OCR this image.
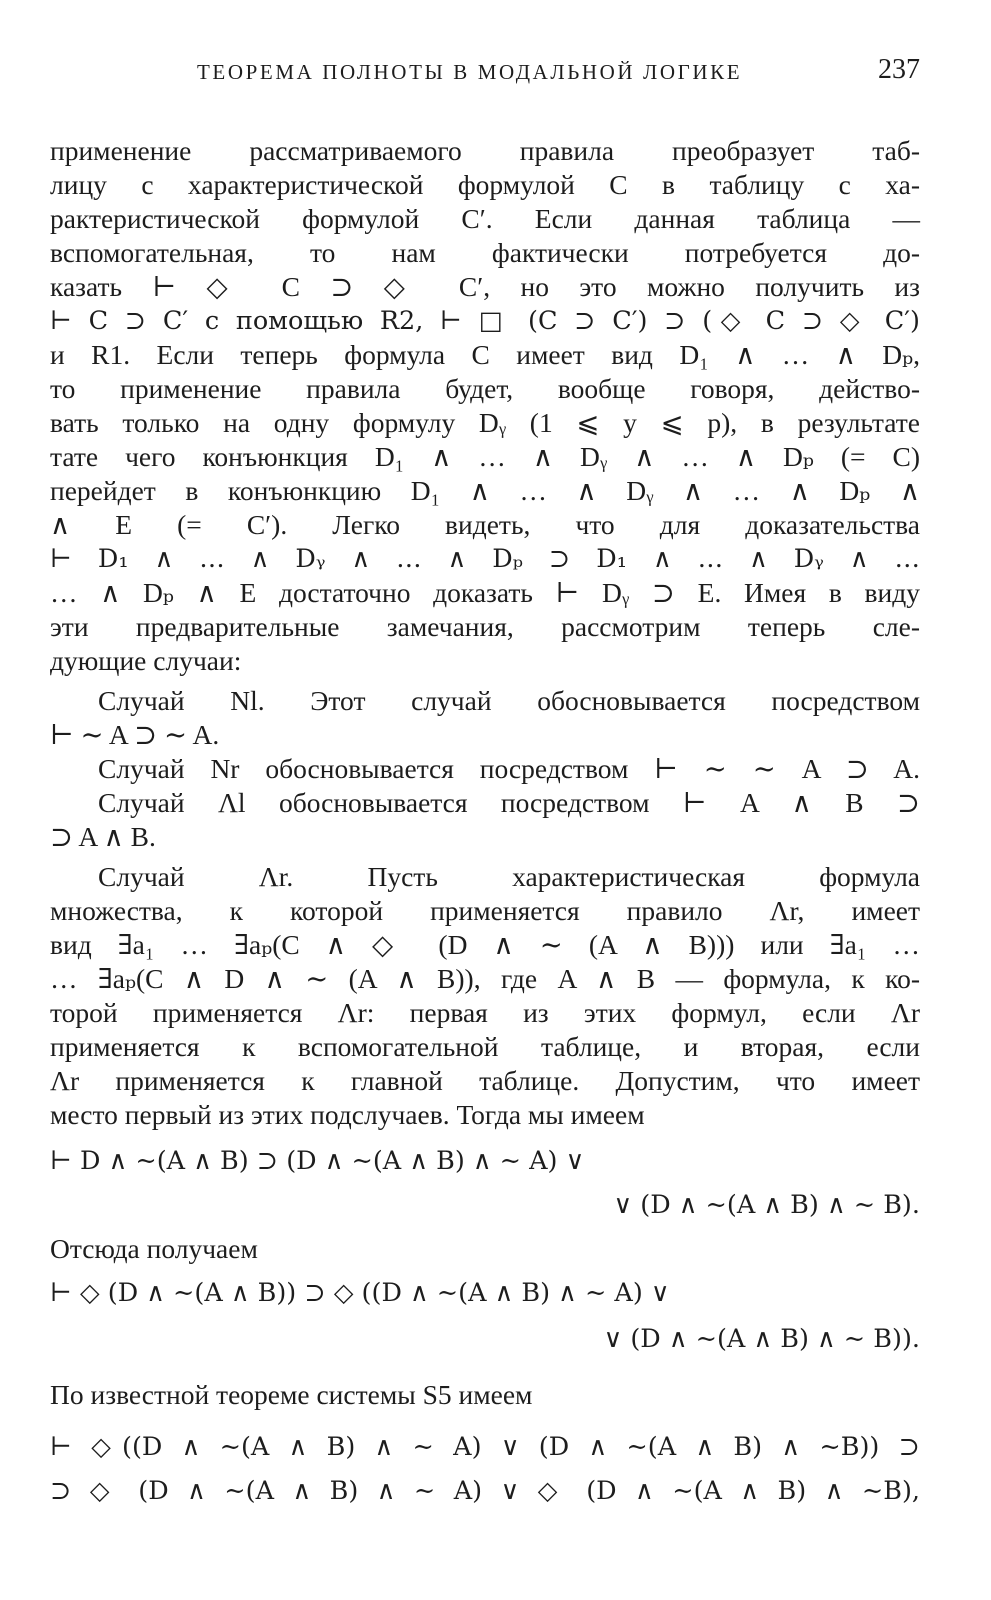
ТЕОРЕМА ПОЛНОТЫ В МОДАЛЬНОЙ ЛОГИКЕ	237
применение рассматриваемого правила преобразует таб-
лицу с характеристической формулой C в таблицу с ха-
рактеристической формулой C′. Если данная таблица —
вспомогательная, то нам фактически потребуется до-
казать ⊢ ◇ C ⊃ ◇ C′, но это можно получить из
⊢ C ⊃ C′ с помощью R2, ⊢ □ (C ⊃ C′) ⊃ (◇ C ⊃ ◇ C′)
и R1. Если теперь формула C имеет вид D₁ ∧ … ∧ Dₚ,
то применение правила будет, вообще говоря, действо-
вать только на одну формулу Dᵧ (1 ⩽ y ⩽ p), в результате
тате чего конъюнкция D₁ ∧ … ∧ Dᵧ ∧ … ∧ Dₚ (= C)
перейдет в конъюнкцию D₁ ∧ … ∧ Dᵧ ∧ … ∧ Dₚ ∧
∧ E (= C′). Легко видеть, что для доказательства
⊢ D₁ ∧ … ∧ Dᵧ ∧ … ∧ Dₚ ⊃ D₁ ∧ … ∧ Dᵧ ∧ …
… ∧ Dₚ ∧ E достаточно доказать ⊢ Dᵧ ⊃ E. Имея в виду
эти предварительные замечания, рассмотрим теперь сле-
дующие случаи:
Случай Nl. Этот случай обосновывается посредством
⊢ ∼ A ⊃ ∼ A.
Случай Nr обосновывается посредством ⊢ ∼ ∼ A ⊃ A.
Случай Λl обосновывается посредством ⊢ A ∧ B ⊃
⊃ A ∧ B.
Случай Λr. Пусть характеристическая формула
множества, к которой применяется правило Λr, имеет
вид ∃a₁ … ∃aₚ(C ∧ ◇ (D ∧ ∼ (A ∧ B))) или ∃a₁ …
… ∃aₚ(C ∧ D ∧ ∼ (A ∧ B)), где A ∧ B — формула, к ко-
торой применяется Λr: первая из этих формул, если Λr
применяется к вспомогательной таблице, и вторая, если
Λr применяется к главной таблице. Допустим, что имеет
место первый из этих подслучаев. Тогда мы имеем
⊢ D ∧ ∼(A ∧ B) ⊃ (D ∧ ∼(A ∧ B) ∧ ∼ A) ∨
∨ (D ∧ ∼(A ∧ B) ∧ ∼ B).
Отсюда получаем
⊢ ◇ (D ∧ ∼(A ∧ B)) ⊃ ◇ ((D ∧ ∼(A ∧ B) ∧ ∼ A) ∨
∨ (D ∧ ∼(A ∧ B) ∧ ∼ B)).
По известной теореме системы S5 имеем
⊢ ◇((D ∧ ∼(A ∧ B) ∧ ∼ A) ∨ (D ∧ ∼(A ∧ B) ∧ ∼B)) ⊃
⊃ ◇ (D ∧ ∼(A ∧ B) ∧ ∼ A) ∨ ◇ (D ∧ ∼(A ∧ B) ∧ ∼B),
